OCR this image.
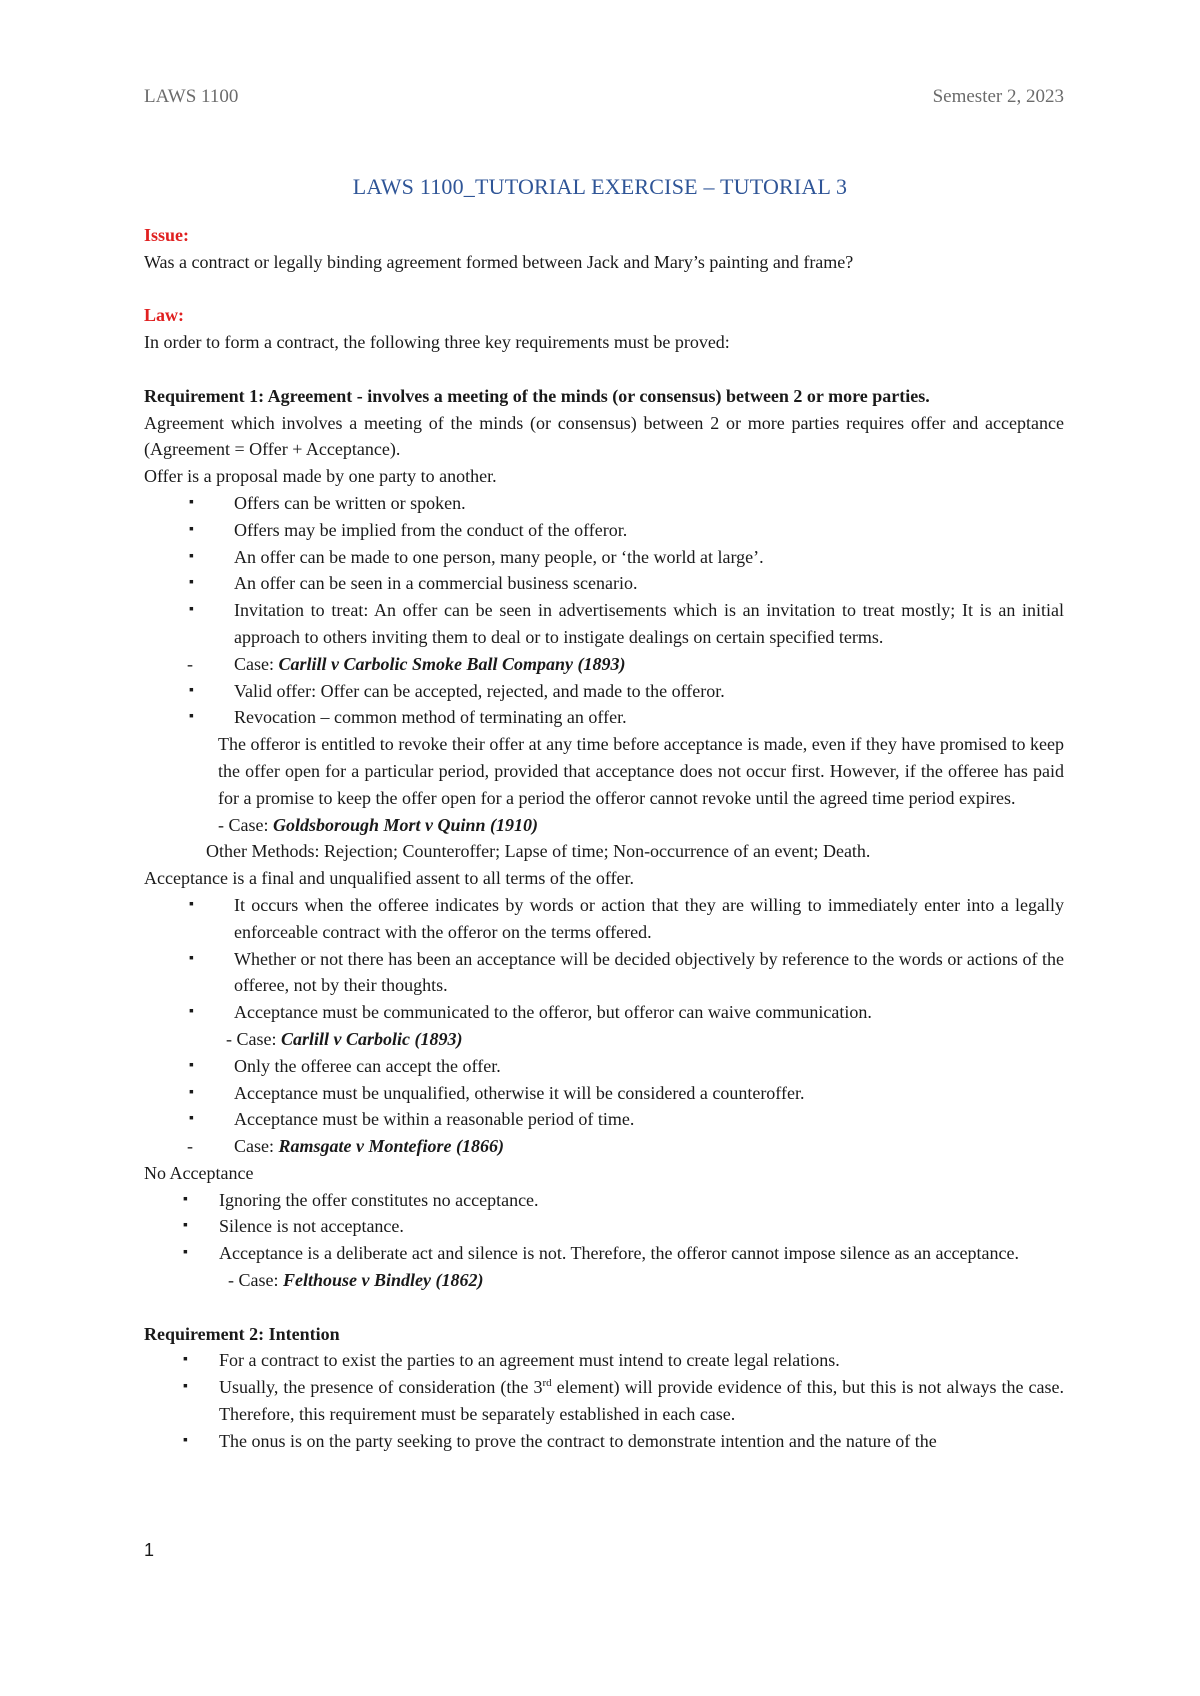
LAWS 1100	Semester 2, 2023
LAWS 1100_TUTORIAL EXERCISE – TUTORIAL 3

Issue:

Was a contract or legally binding agreement formed between Jack and Mary’s painting and frame?

Law:

In order to form a contract, the following three key requirements must be proved:

Requirement 1: Agreement - involves a meeting of the minds (or consensus) between 2 or more parties.

Agreement which involves a meeting of the minds (or consensus) between 2 or more parties requires offer and acceptance (Agreement = Offer + Acceptance).

Offer is a proposal made by one party to another.

▪ Offers can be written or spoken.
▪ Offers may be implied from the conduct of the offeror.
▪ An offer can be made to one person, many people, or ‘the world at large’.
▪ An offer can be seen in a commercial business scenario.
▪ Invitation to treat: An offer can be seen in advertisements which is an invitation to treat mostly; It is an initial approach to others inviting them to deal or to instigate dealings on certain specified terms.
- Case: Carlill v Carbolic Smoke Ball Company (1893)
▪ Valid offer: Offer can be accepted, rejected, and made to the offeror.
▪ Revocation – common method of terminating an offer.

The offeror is entitled to revoke their offer at any time before acceptance is made, even if they have promised to keep the offer open for a particular period, provided that acceptance does not occur first. However, if the offeree has paid for a promise to keep the offer open for a period the offeror cannot revoke until the agreed time period expires.

- Case: Goldsborough Mort v Quinn (1910)

Other Methods: Rejection; Counteroffer; Lapse of time; Non-occurrence of an event; Death.

Acceptance is a final and unqualified assent to all terms of the offer.

▪ It occurs when the offeree indicates by words or action that they are willing to immediately enter into a legally enforceable contract with the offeror on the terms offered.
▪ Whether or not there has been an acceptance will be decided objectively by reference to the words or actions of the offeree, not by their thoughts.
▪ Acceptance must be communicated to the offeror, but offeror can waive communication.

- Case: Carlill v Carbolic (1893)

▪ Only the offeree can accept the offer.
▪ Acceptance must be unqualified, otherwise it will be considered a counteroffer.
▪ Acceptance must be within a reasonable period of time.
- Case: Ramsgate v Montefiore (1866)

No Acceptance

▪ Ignoring the offer constitutes no acceptance.
▪ Silence is not acceptance.
▪ Acceptance is a deliberate act and silence is not. Therefore, the offeror cannot impose silence as an acceptance.

- Case: Felthouse v Bindley (1862)

Requirement 2: Intention

▪ For a contract to exist the parties to an agreement must intend to create legal relations.
▪ Usually, the presence of consideration (the 3rd element) will provide evidence of this, but this is not always the case. Therefore, this requirement must be separately established in each case.
▪ The onus is on the party seeking to prove the contract to demonstrate intention and the nature of the
1
